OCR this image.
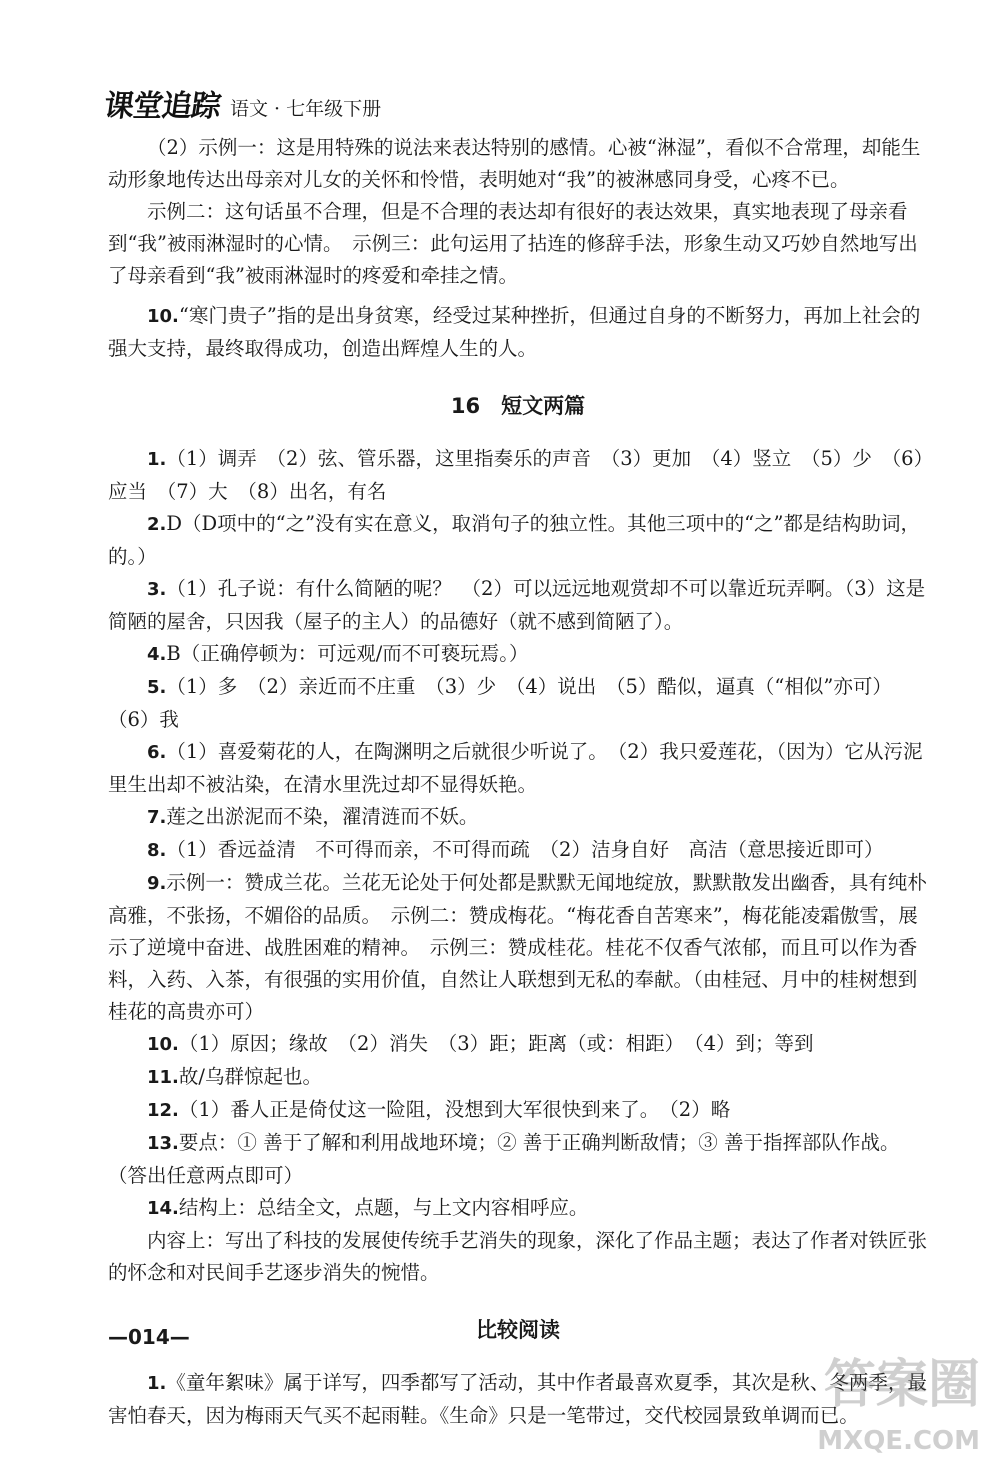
课堂追踪 语文 · 七年级下册

（2）示例一：这是用特殊的说法来表达特别的感情。心被“淋湿”，看似不合常理，却能生动形象地传达出母亲对儿女的关怀和怜惜，表明她对“我”的被淋感同身受，心疼不已。

示例二：这句话虽不合理，但是不合理的表达却有很好的表达效果，真实地表现了母亲看到“我”被雨淋湿时的心情。　示例三：此句运用了拈连的修辞手法，形象生动又巧妙自然地写出了母亲看到“我”被雨淋湿时的疼爱和牵挂之情。

10.“寒门贵子”指的是出身贫寒，经受过某种挫折，但通过自身的不断努力，再加上社会的强大支持，最终取得成功，创造出辉煌人生的人。

16　短文两篇

1.（1）调弄　（2）弦、管乐器，这里指奏乐的声音　（3）更加　（4）竖立　（5）少　（6）应当　（7）大　（8）出名，有名

2.D（D项中的“之”没有实在意义，取消句子的独立性。其他三项中的“之”都是结构助词，的。）

3.（1）孔子说：有什么简陋的呢？　（2）可以远远地观赏却不可以靠近玩弄啊。（3）这是简陋的屋舍，只因我（屋子的主人）的品德好（就不感到简陋了）。

4.B（正确停顿为：可远观/而不可亵玩焉。）

5.（1）多　（2）亲近而不庄重　（3）少　（4）说出　（5）酷似，逼真（“相似”亦可）　（6）我

6.（1）喜爱菊花的人，在陶渊明之后就很少听说了。　（2）我只爱莲花，（因为）它从污泥里生出却不被沾染，在清水里洗过却不显得妖艳。

7.莲之出淤泥而不染，濯清涟而不妖。

8.（1）香远益清　不可得而亲，不可得而疏　（2）洁身自好　高洁（意思接近即可）

9.示例一：赞成兰花。兰花无论处于何处都是默默无闻地绽放，默默散发出幽香，具有纯朴高雅，不张扬，不媚俗的品质。　示例二：赞成梅花。“梅花香自苦寒来”，梅花能凌霜傲雪，展示了逆境中奋进、战胜困难的精神。　示例三：赞成桂花。桂花不仅香气浓郁，而且可以作为香料，入药、入茶，有很强的实用价值，自然让人联想到无私的奉献。（由桂冠、月中的桂树想到桂花的高贵亦可）

10.（1）原因；缘故　（2）消失　（3）距；距离（或：相距）　（4）到；等到

11.故/乌群惊起也。

12.（1）番人正是倚仗这一险阻，没想到大军很快到来了。　（2）略

13.要点：① 善于了解和利用战地环境；② 善于正确判断敌情；③ 善于指挥部队作战。（答出任意两点即可）

14.结构上：总结全文，点题，与上文内容相呼应。

内容上：写出了科技的发展使传统手艺消失的现象，深化了作品主题；表达了作者对铁匠张的怀念和对民间手艺逐步消失的惋惜。

比较阅读

1.《童年絮味》属于详写，四季都写了活动，其中作者最喜欢夏季，其次是秋、冬两季，最害怕春天，因为梅雨天气买不起雨鞋。《生命》只是一笔带过，交代校园景致单调而已。

—014—
答案圈
MXQE.COM
